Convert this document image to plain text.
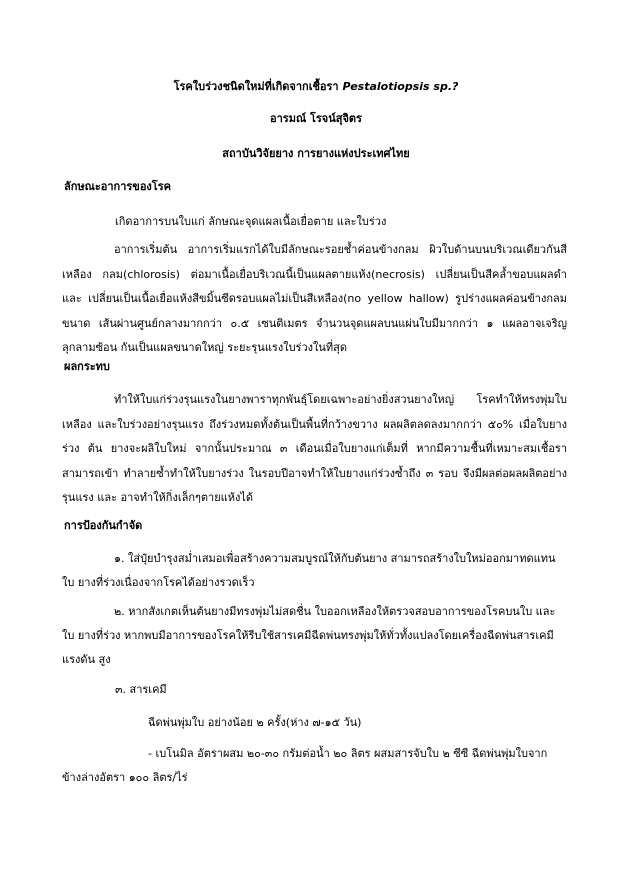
โรคใบร่วงชนิดใหม่ที่เกิดจากเชื้อรา Pestalotiopsis sp.?

อารมณ์ โรจน์สุจิตร

สถาบันวิจัยยาง การยางแห่งประเทศไทย

ลักษณะอาการของโรค

เกิดอาการบนใบแก่ ลักษณะจุดแผลเนื้อเยื่อตาย และใบร่วง

อาการเริ่มต้น อาการเริ่มแรกได้ใบมีลักษณะรอยช้ำค่อนข้างกลม ผิวใบด้านบนบริเวณเดียวกันสีเหลือง กลม(chlorosis) ต่อมาเนื้อเยื่อบริเวณนี้เป็นแผลตายแห้ง(necrosis) เปลี่ยนเป็นสีคล้ำขอบแผลดำ และ เปลี่ยนเป็นเนื้อเยื่อแห้งสีขมิ้นซีดรอบแผลไม่เป็นสีเหลือง(no yellow hallow) รูปร่างแผลค่อนข้างกลมขนาด เส้นผ่านศูนย์กลางมากกว่า ๐.๕ เซนติเมตร จำนวนจุดแผลบนแผ่นใบมีมากกว่า ๑ แผลอาจเจริญลุกลามซ้อน กันเป็นแผลขนาดใหญ่ ระยะรุนแรงใบร่วงในที่สุด

ผลกระทบ

ทำให้ใบแก่ร่วงรุนแรงในยางพาราทุกพันธุ์โดยเฉพาะอย่างยิ่งสวนยางใหญ่ โรคทำให้ทรงพุ่มใบเหลือง และใบร่วงอย่างรุนแรง ถึงร่วงหมดทั้งต้นเป็นพื้นที่กว้างขวาง ผลผลิตลดลงมากกว่า ๕๐% เมื่อใบยางร่วง ต้น ยางจะผลิใบใหม่ จากนั้นประมาณ ๓ เดือนเมื่อใบยางแก่เต็มที่ หากมีความชื้นที่เหมาะสมเชื้อราสามารถเข้า ทำลายซ้ำทำให้ใบยางร่วง ในรอบปีอาจทำให้ใบยางแก่ร่วงซ้ำถึง ๓ รอบ จึงมีผลต่อผลผลิตอย่างรุนแรง และ อาจทำให้กิ่งเล็กๆตายแห้งได้

การป้องกันกำจัด

๑. ใส่ปุ๋ยบำรุงสม่ำเสมอเพื่อสร้างความสมบูรณ์ให้กับต้นยาง สามารถสร้างใบใหม่ออกมาทดแทนใบ ยางที่ร่วงเนื่องจากโรคได้อย่างรวดเร็ว

๒. หากสังเกตเห็นต้นยางมีทรงพุ่มไม่สดชื่น ใบออกเหลืองให้ตรวจสอบอาการของโรคบนใบ และใบ ยางที่ร่วง หากพบมีอาการของโรคให้รีบใช้สารเคมีฉีดพ่นทรงพุ่มให้ทั่วทั้งแปลงโดยเครื่องฉีดพ่นสารเคมีแรงดัน สูง

๓. สารเคมี

ฉีดพ่นพุ่มใบ อย่างน้อย ๒ ครั้ง(ห่าง ๗-๑๕ วัน)

- เบโนมิล อัตราผสม ๒๐-๓๐ กรัมต่อน้ำ ๒๐ ลิตร ผสมสารจับใบ ๒ ซีซี ฉีดพ่นพุ่มใบจาก ข้างล่างอัตรา ๑๐๐ ลิตร/ไร่
